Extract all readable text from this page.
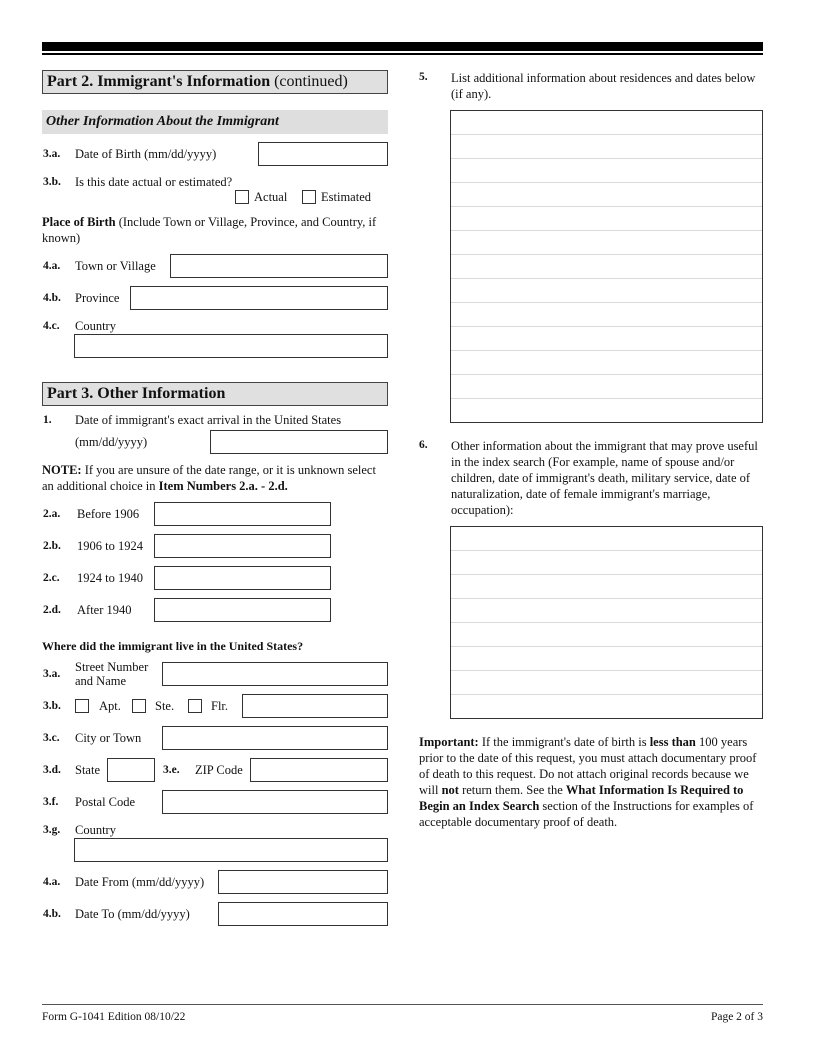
Part 2. Immigrant's Information (continued)
Other Information About the Immigrant
3.a. Date of Birth (mm/dd/yyyy)
3.b. Is this date actual or estimated?
Actual	Estimated
Place of Birth (Include Town or Village, Province, and Country, if known)
4.a. Town or Village
4.b. Province
4.c. Country
Part 3. Other Information
1. Date of immigrant's exact arrival in the United States
(mm/dd/yyyy)
NOTE: If you are unsure of the date range, or it is unknown select an additional choice in Item Numbers 2.a. - 2.d.
2.a. Before 1906
2.b. 1906 to 1924
2.c. 1924 to 1940
2.d. After 1940
Where did the immigrant live in the United States?
3.a. Street Number and Name
3.b.	Apt.	Ste.	Flr.
3.c. City or Town
3.d. State	3.e. ZIP Code
3.f. Postal Code
3.g. Country
4.a. Date From (mm/dd/yyyy)
4.b. Date To (mm/dd/yyyy)
5. List additional information about residences and dates below (if any).
6. Other information about the immigrant that may prove useful in the index search (For example, name of spouse and/or children, date of immigrant's death, military service, date of naturalization, date of female immigrant's marriage, occupation):
Important: If the immigrant's date of birth is less than 100 years prior to the date of this request, you must attach documentary proof of death to this request. Do not attach original records because we will not return them. See the What Information Is Required to Begin an Index Search section of the Instructions for examples of acceptable documentary proof of death.
Form G-1041 Edition 08/10/22	Page 2 of 3
